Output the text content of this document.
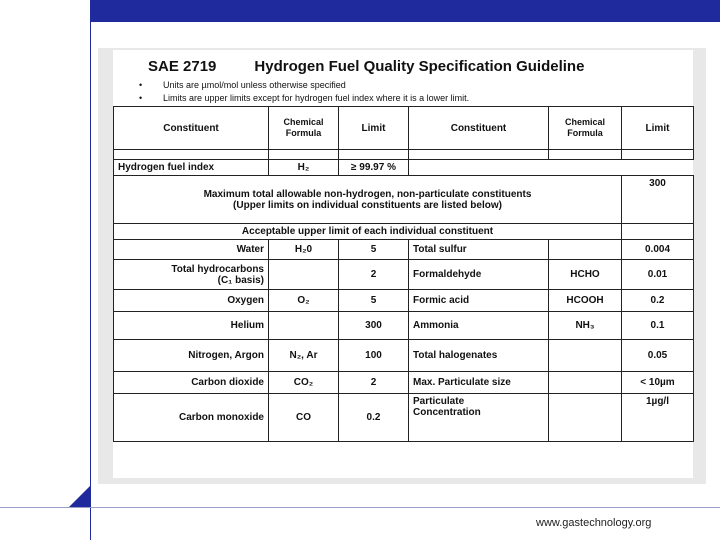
SAE 2719	Hydrogen Fuel Quality Specification Guideline
• Units are µmol/mol unless otherwise specified
• Limits are upper limits except for hydrogen fuel index where it is a lower limit.
Constituent	Chemical Formula	Limit	Constituent	Chemical Formula	Limit

Hydrogen fuel index	H₂	≥ 99.97 %			
Maximum total allowable non-hydrogen, non-particulate constituents
(Upper limits on individual constituents are listed below)					300
Acceptable upper limit of each individual constituent					
Water	H₂0	5	Total sulfur		0.004
Total hydrocarbons
(C₁ basis)		2	Formaldehyde	HCHO	0.01
Oxygen	O₂	5	Formic acid	HCOOH	0.2
Helium		300	Ammonia	NH₃	0.1
Nitrogen, Argon	N₂, Ar	100	Total halogenates		0.05
Carbon dioxide	CO₂	2	Max. Particulate size		< 10µm
Carbon monoxide	CO	0.2	Particulate
Concentration		1µg/l
www.gastechnology.org
